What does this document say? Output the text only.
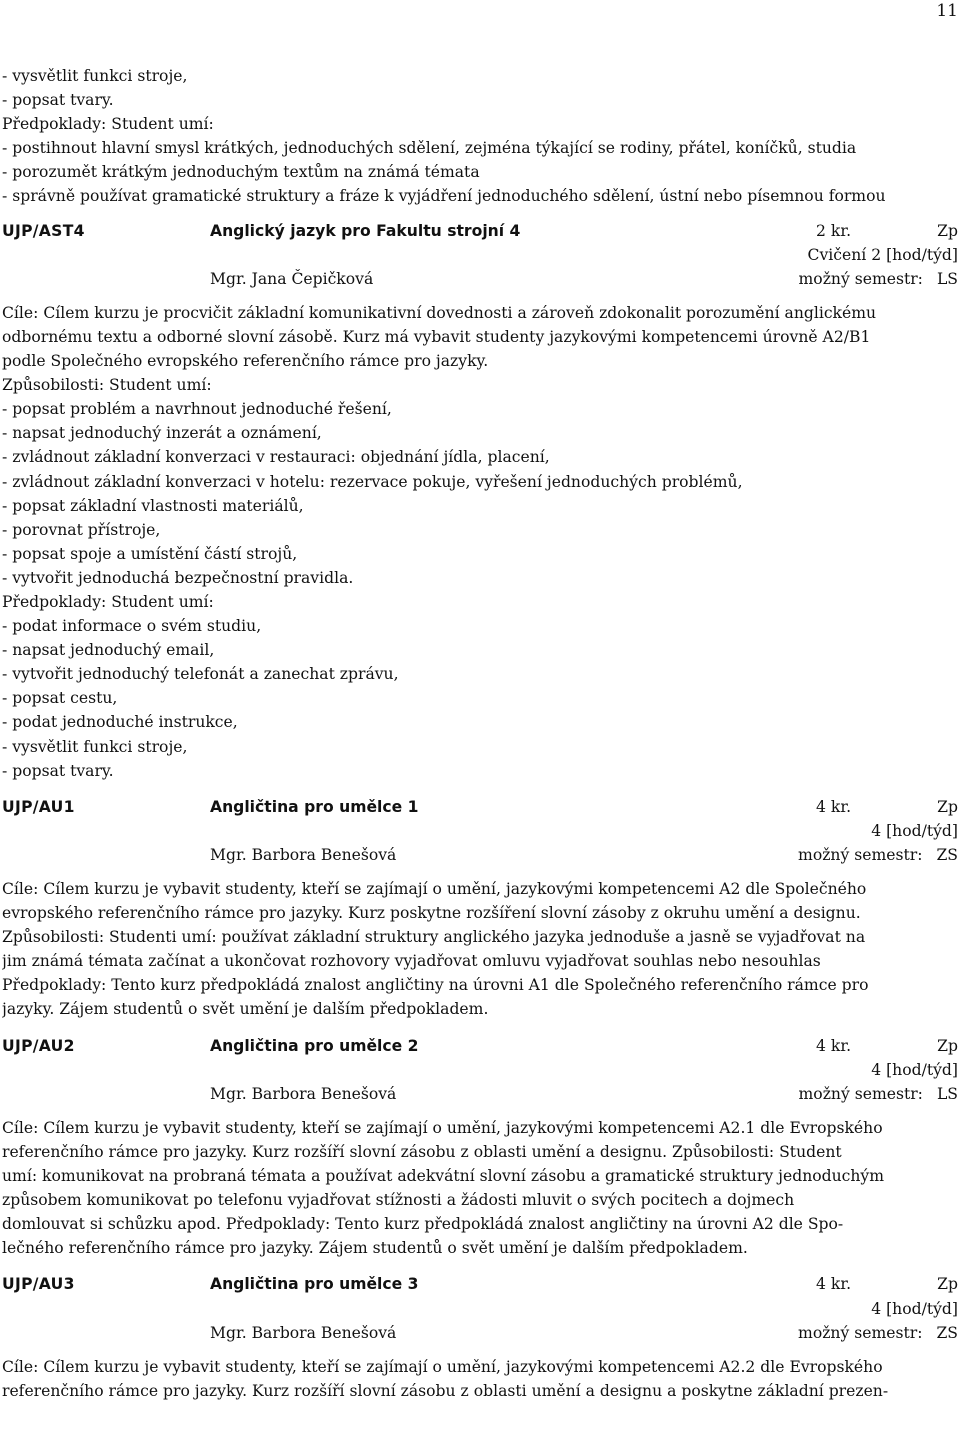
11
- vysvětlit funkci stroje,
- popsat tvary.
Předpoklady: Student umí:
- postihnout hlavní smysl krátkých, jednoduchých sdělení, zejména týkající se rodiny, přátel, koníčků, studia
- porozumět krátkým jednoduchým textům na známá témata
- správně používat gramatické struktury a fráze k vyjádření jednoduchého sdělení, ústní nebo písemnou formou
UJP/AST4	Anglický jazyk pro Fakultu strojní 4	2 kr.	Zp
Cvičení 2 [hod/týd]
Mgr. Jana Čepičková	možný semestr: LS
Cíle: Cílem kurzu je procvičit základní komunikativní dovednosti a zároveň zdokonalit porozumění anglickému
odbornému textu a odborné slovní zásobě. Kurz má vybavit studenty jazykovými kompetencemi úrovně A2/B1
podle Společného evropského referenčního rámce pro jazyky.
Způsobilosti: Student umí:
- popsat problém a navrhnout jednoduché řešení,
- napsat jednoduchý inzerát a oznámení,
- zvládnout základní konverzaci v restauraci: objednání jídla, placení,
- zvládnout základní konverzaci v hotelu: rezervace pokuje, vyřešení jednoduchých problémů,
- popsat základní vlastnosti materiálů,
- porovnat přístroje,
- popsat spoje a umístění částí strojů,
- vytvořit jednoduchá bezpečnostní pravidla.
Předpoklady: Student umí:
- podat informace o svém studiu,
- napsat jednoduchý email,
- vytvořit jednoduchý telefonát a zanechat zprávu,
- popsat cestu,
- podat jednoduché instrukce,
- vysvětlit funkci stroje,
- popsat tvary.
UJP/AU1	Angličtina pro umělce 1	4 kr.	Zp
4 [hod/týd]
Mgr. Barbora Benešová	možný semestr: ZS
Cíle: Cílem kurzu je vybavit studenty, kteří se zajímají o umění, jazykovými kompetencemi A2 dle Společného
evropského referenčního rámce pro jazyky. Kurz poskytne rozšíření slovní zásoby z okruhu umění a designu.
Způsobilosti: Studenti umí: používat základní struktury anglického jazyka jednoduše a jasně se vyjadřovat na
jim známá témata začínat a ukončovat rozhovory vyjadřovat omluvu vyjadřovat souhlas nebo nesouhlas
Předpoklady: Tento kurz předpokládá znalost angličtiny na úrovni A1 dle Společného referenčního rámce pro
jazyky. Zájem studentů o svět umění je dalším předpokladem.
UJP/AU2	Angličtina pro umělce 2	4 kr.	Zp
4 [hod/týd]
Mgr. Barbora Benešová	možný semestr: LS
Cíle: Cílem kurzu je vybavit studenty, kteří se zajímají o umění, jazykovými kompetencemi A2.1 dle Evropského
referenčního rámce pro jazyky. Kurz rozšíří slovní zásobu z oblasti umění a designu. Způsobilosti: Student
umí: komunikovat na probraná témata a používat adekvátní slovní zásobu a gramatické struktury jednoduchým
způsobem komunikovat po telefonu vyjadřovat stížnosti a žádosti mluvit o svých pocitech a dojmech
domlouvat si schůzku apod. Předpoklady: Tento kurz předpokládá znalost angličtiny na úrovni A2 dle Spo-
lečného referenčního rámce pro jazyky. Zájem studentů o svět umění je dalším předpokladem.
UJP/AU3	Angličtina pro umělce 3	4 kr.	Zp
4 [hod/týd]
Mgr. Barbora Benešová	možný semestr: ZS
Cíle: Cílem kurzu je vybavit studenty, kteří se zajímají o umění, jazykovými kompetencemi A2.2 dle Evropského
referenčního rámce pro jazyky. Kurz rozšíří slovní zásobu z oblasti umění a designu a poskytne základní prezen-
